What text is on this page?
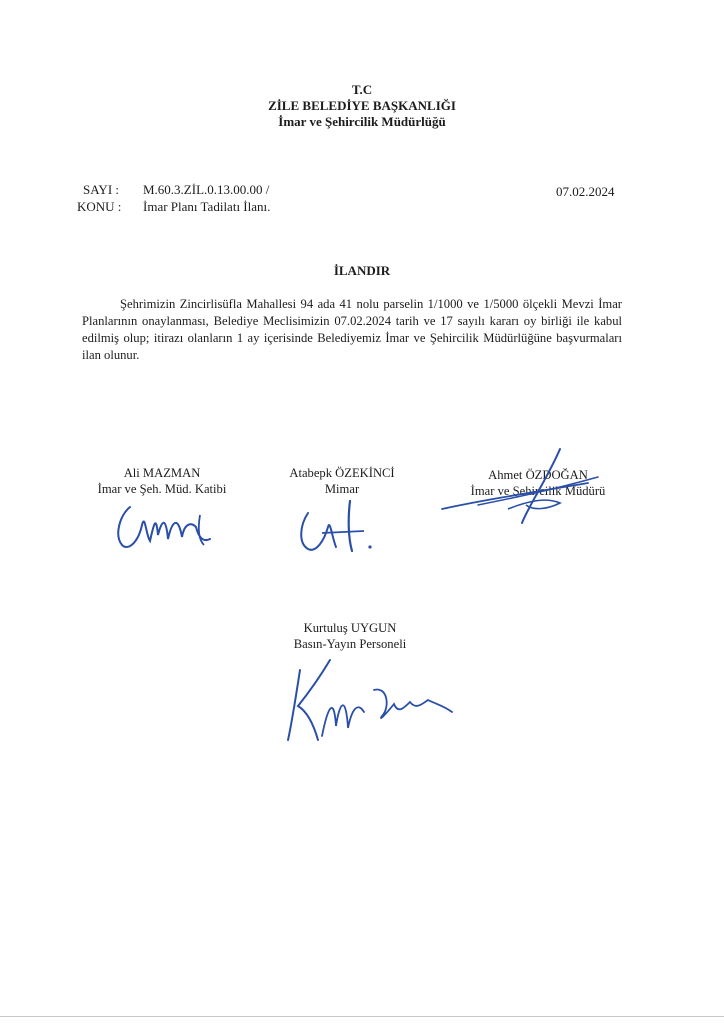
T.C
ZİLE BELEDİYE BAŞKANLIĞI
İmar ve Şehircilik Müdürlüğü
SAYI : M.60.3.ZİL.0.13.00.00 /
KONU : İmar Planı Tadilatı İlanı.
07.02.2024
İLANDIR
Şehrimizin Zincirlisüfla Mahallesi 94 ada 41 nolu parselin 1/1000 ve 1/5000 ölçekli Mevzi İmar Planlarının onaylanması, Belediye Meclisimizin 07.02.2024 tarih ve 17 sayılı kararı oy birliği ile kabul edilmiş olup; itirazı olanların 1 ay içerisinde Belediyemiz İmar ve Şehircilik Müdürlüğüne başvurmaları ilan olunur.
Ali MAZMAN
İmar ve Şeh. Müd. Katibi
Atabерk ÖZEKİNCİ
Mimar
Ahmet ÖZDOĞAN
İmar ve Şehircilik Müdürü
Kurtuluş UYGUN
Basın-Yayın Personeli
